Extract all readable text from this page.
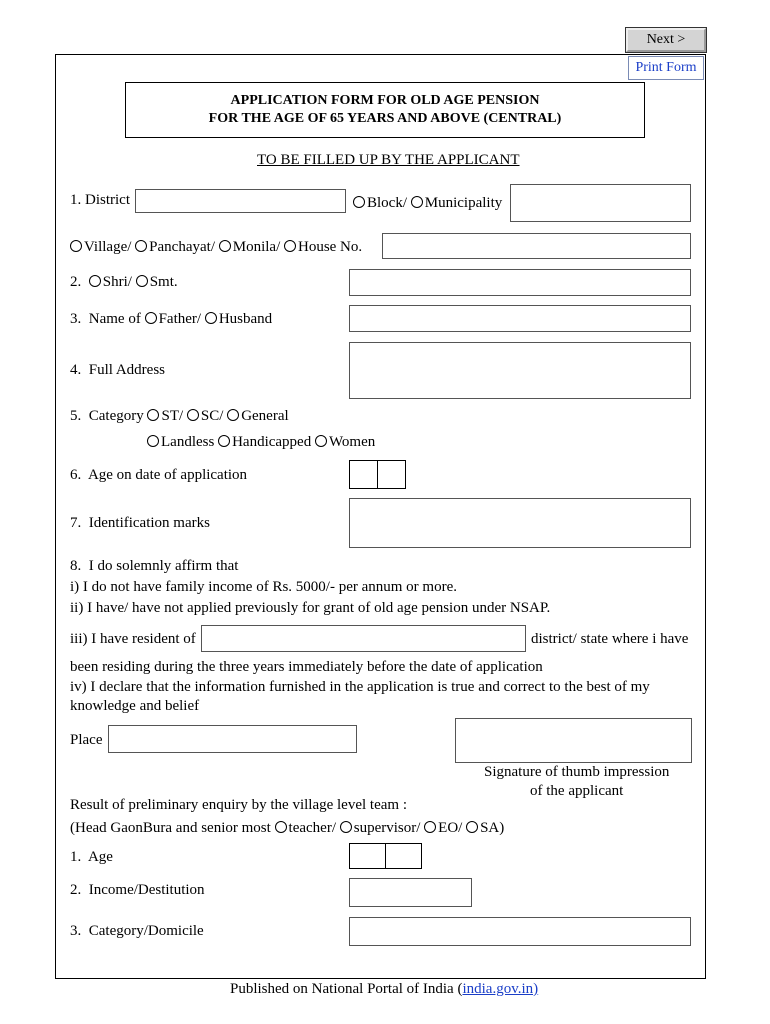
Next >
Print Form
APPLICATION FORM FOR OLD AGE PENSION
FOR THE AGE OF 65 YEARS AND ABOVE (CENTRAL)
TO BE FILLED UP BY THE APPLICANT
1. District	Block/ Municipality
Village/ Panchayat/ Monila/ House No.
2. Shri/ Smt.
3. Name of Father/ Husband
4. Full Address
5. Category ST/ SC/ General
Landless Handicapped Women
6. Age on date of application
7. Identification marks
8. I do solemnly affirm that
i) I do not have family income of Rs. 5000/- per annum or more.
ii) I have/ have not applied previously for grant of old age pension under NSAP.
iii) I have resident of	district/ state where i have
been residing during the three years immediately before the date of application
iv) I declare that the information furnished in the application is true and correct to the best of my
knowledge and belief
Place
Signature of thumb impression
of the applicant
Result of preliminary enquiry by the village level team :
(Head GaonBura and senior most teacher/ supervisor/ EO/ SA)
1. Age
2. Income/Destitution
3. Category/Domicile
Published on National Portal of India (india.gov.in)
